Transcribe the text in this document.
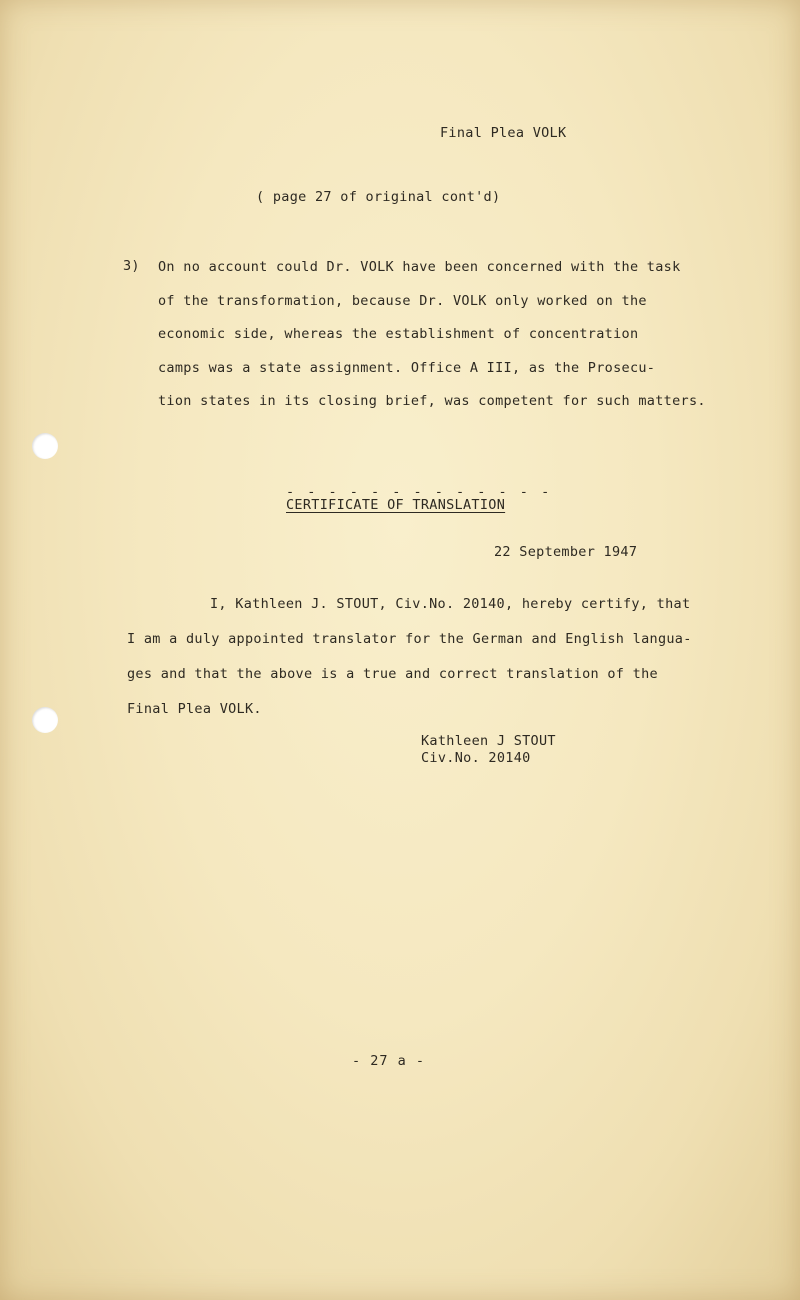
Final Plea VOLK

( page 27 of original cont'd)

3) On no account could Dr. VOLK have been concerned with the task
of the transformation, because Dr. VOLK only worked on the
economic side, whereas the establishment of concentration
camps was a state assignment. Office A III, as the Prosecu-
tion states in its closing brief, was competent for such matters.

- - - - - - - - - - - - -

CERTIFICATE OF TRANSLATION

22 September 1947

I, Kathleen J. STOUT, Civ.No. 20140, hereby certify, that
I am a duly appointed translator for the German and English langua-
ges and that the above is a true and correct translation of the
Final Plea VOLK.
Kathleen J STOUT
Civ.No. 20140

- 27 a -
